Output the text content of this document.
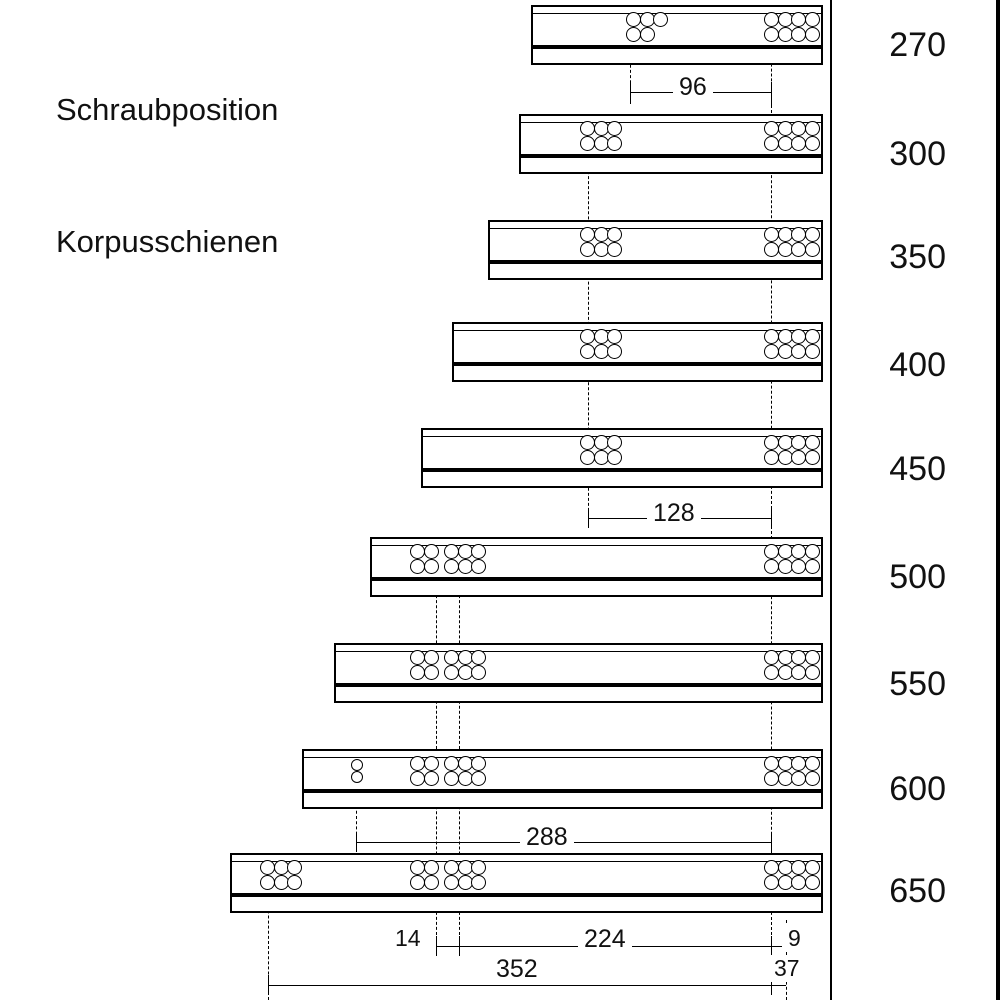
Schraubposition

Korpusschienen

270
300
350
400
450
500
550
600
650
96
128
288
14	224	9
352	37
